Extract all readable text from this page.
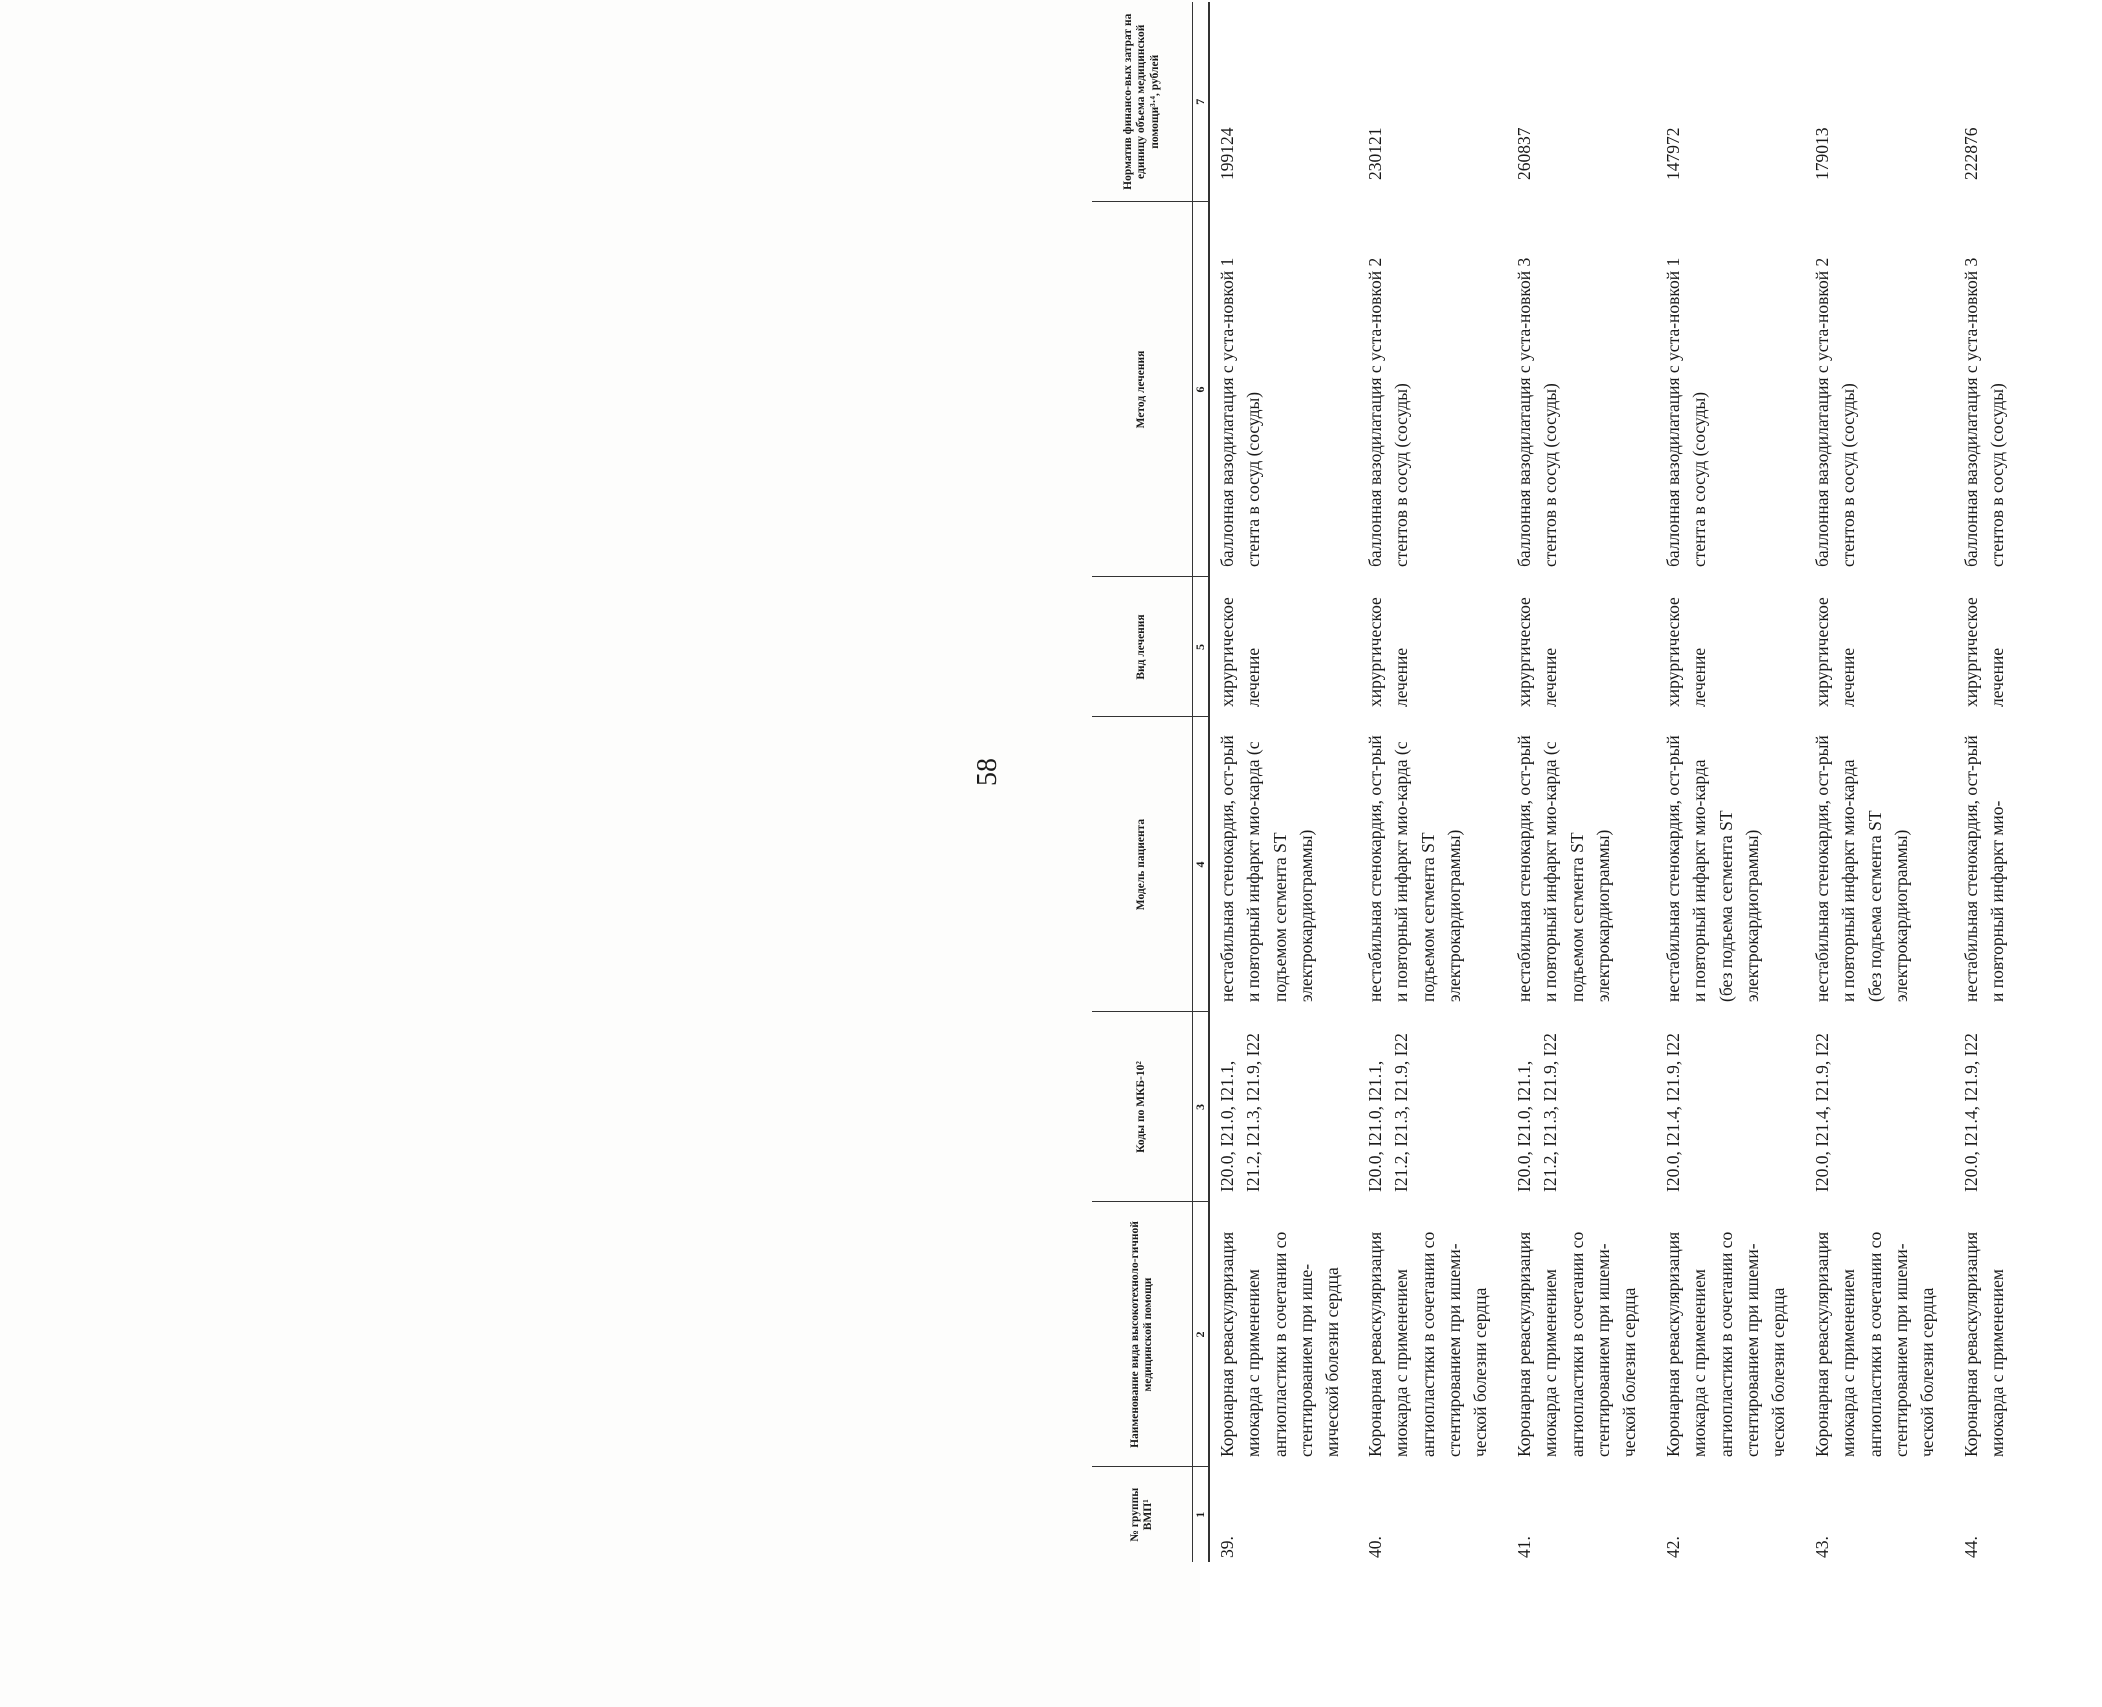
58
№ группы ВМП¹	Наименование вида высокотехноло-гичной медицинской помощи	Коды по МКБ-10²	Модель пациента	Вид лечения	Метод лечения	Норматив финансо-вых затрат на единицу объема медицинской помощи³·⁴, рублей
1	2	3	4	5	6	7
39.	Коронарная реваскуляризация миокарда с применением ангиопластики в сочетании со стентированием при ише-мической болезни сердца	I20.0, I21.0, I21.1, I21.2, I21.3, I21.9, I22	нестабильная стенокардия, ост-рый и повторный инфаркт мио-карда (с подъемом сегмента ST электрокардиограммы)	хирургическое лечение	баллонная вазодилатация с уста-новкой 1 стента в сосуд (сосуды)	199124
40.	Коронарная реваскуляризация миокарда с применением ангиопластики в сочетании со стентированием при ишеми-ческой болезни сердца	I20.0, I21.0, I21.1, I21.2, I21.3, I21.9, I22	нестабильная стенокардия, ост-рый и повторный инфаркт мио-карда (с подъемом сегмента ST электрокардиограммы)	хирургическое лечение	баллонная вазодилатация с уста-новкой 2 стентов в сосуд (сосуды)	230121
41.	Коронарная реваскуляризация миокарда с применением ангиопластики в сочетании со стентированием при ишеми-ческой болезни сердца	I20.0, I21.0, I21.1, I21.2, I21.3, I21.9, I22	нестабильная стенокардия, ост-рый и повторный инфаркт мио-карда (с подъемом сегмента ST электрокардиограммы)	хирургическое лечение	баллонная вазодилатация с уста-новкой 3 стентов в сосуд (сосуды)	260837
42.	Коронарная реваскуляризация миокарда с применением ангиопластики в сочетании со стентированием при ишеми-ческой болезни сердца	I20.0, I21.4, I21.9, I22	нестабильная стенокардия, ост-рый и повторный инфаркт мио-карда (без подъема сегмента ST электрокардиограммы)	хирургическое лечение	баллонная вазодилатация с уста-новкой 1 стента в сосуд (сосуды)	147972
43.	Коронарная реваскуляризация миокарда с применением ангиопластики в сочетании со стентированием при ишеми-ческой болезни сердца	I20.0, I21.4, I21.9, I22	нестабильная стенокардия, ост-рый и повторный инфаркт мио-карда (без подъема сегмента ST электрокардиограммы)	хирургическое лечение	баллонная вазодилатация с уста-новкой 2 стентов в сосуд (сосуды)	179013
44.	Коронарная реваскуляризация миокарда с применением	I20.0, I21.4, I21.9, I22	нестабильная стенокардия, ост-рый и повторный инфаркт мио-	хирургическое лечение	баллонная вазодилатация с уста-новкой 3 стентов в сосуд (сосуды)	222876
